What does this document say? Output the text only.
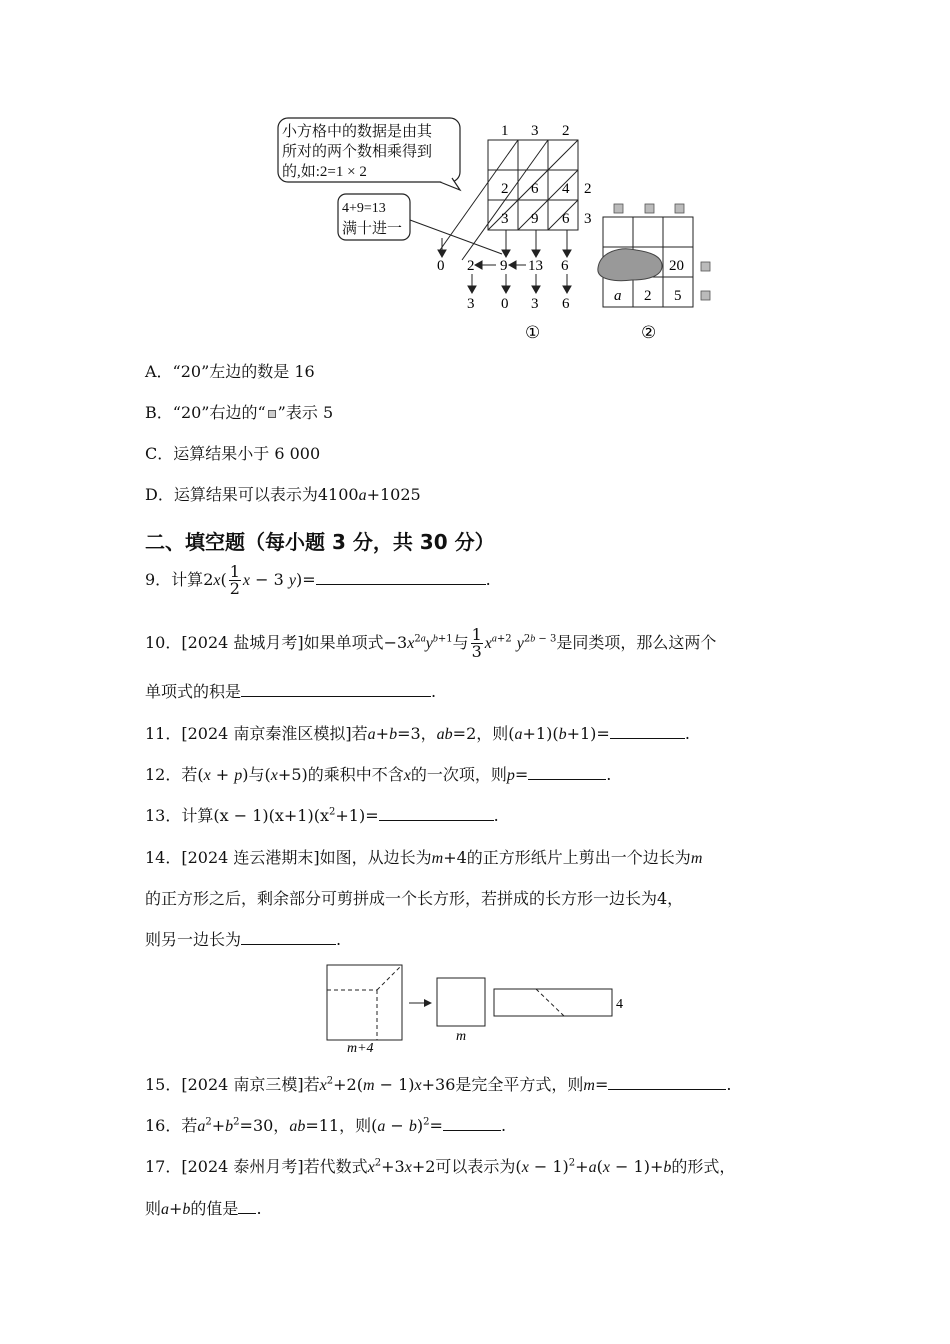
小方格中的数据是由其
所对的两个数相乘得到
的,如:2=1 × 2
4+9=13
满十进一
1 3 2
2 6 4
3 9 6
2
3
0 2 9 13 6
3 0 3 6
①
20
a 2 5
②
A．“20”左边的数是 16
B．“20”右边的“ ”表示 5
C．运算结果小于 6 000
D．运算结果可以表示为4100a+1025
二、填空题（每小题 3 分，共 30 分）
9．计算$2x( \frac{1}{2}$ x − 3 y)=	.
10．[2024 盐城月考]如果单项式$-3x^{2a}y^{b+1}$与 $\frac{1}{3} x^{a+2}$ $y^{2b - 3}$是同类项，那么这两个
单项式的积是	.
11．[2024 南京秦淮区模拟]若a+b=3，ab=2，则(a+1)(b+1)=	.
12．若(x + p)与(x+5)的乘积中不含x的一次项，则p=	.
13．计算$(x - 1)(x+1)(x^2+1)=$	.
14．[2024 连云港期末]如图，从边长为m+4的正方形纸片上剪出一个边长为m
的正方形之后，剩余部分可剪拼成一个长方形，若拼成的长方形一边长为4，
则另一边长为	.
m+4
m
4
15．[2024 南京三模]若$x^2+2(m - 1)x+36$是完全平方式，则m=	.
16．若$a^2+b^2=30$，ab=11，则$(a - b)^2=$	.
17．[2024 泰州月考]若代数式$x^2+3x+2$可以表示为$(x - 1)^2+a(x - 1)+b$的形式，
则a+b的值是 .
